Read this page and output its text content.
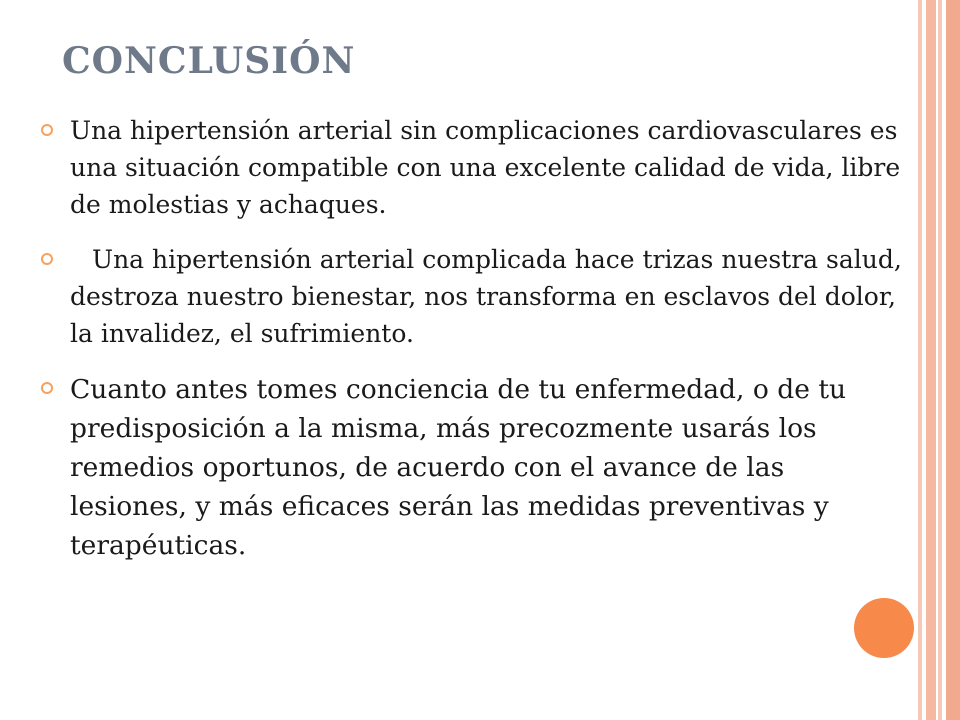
CONCLUSIÓN
Una hipertensión arterial sin complicaciones cardiovasculares es una situación compatible con una excelente calidad de vida, libre de molestias y achaques.
Una hipertensión arterial complicada hace trizas nuestra salud, destroza nuestro bienestar, nos transforma en esclavos del dolor, la invalidez, el sufrimiento.
Cuanto antes tomes conciencia de tu enfermedad, o de tu predisposición a la misma, más precozmente usarás los remedios oportunos, de acuerdo con el avance de las lesiones, y más eficaces serán las medidas preventivas y terapéuticas.
